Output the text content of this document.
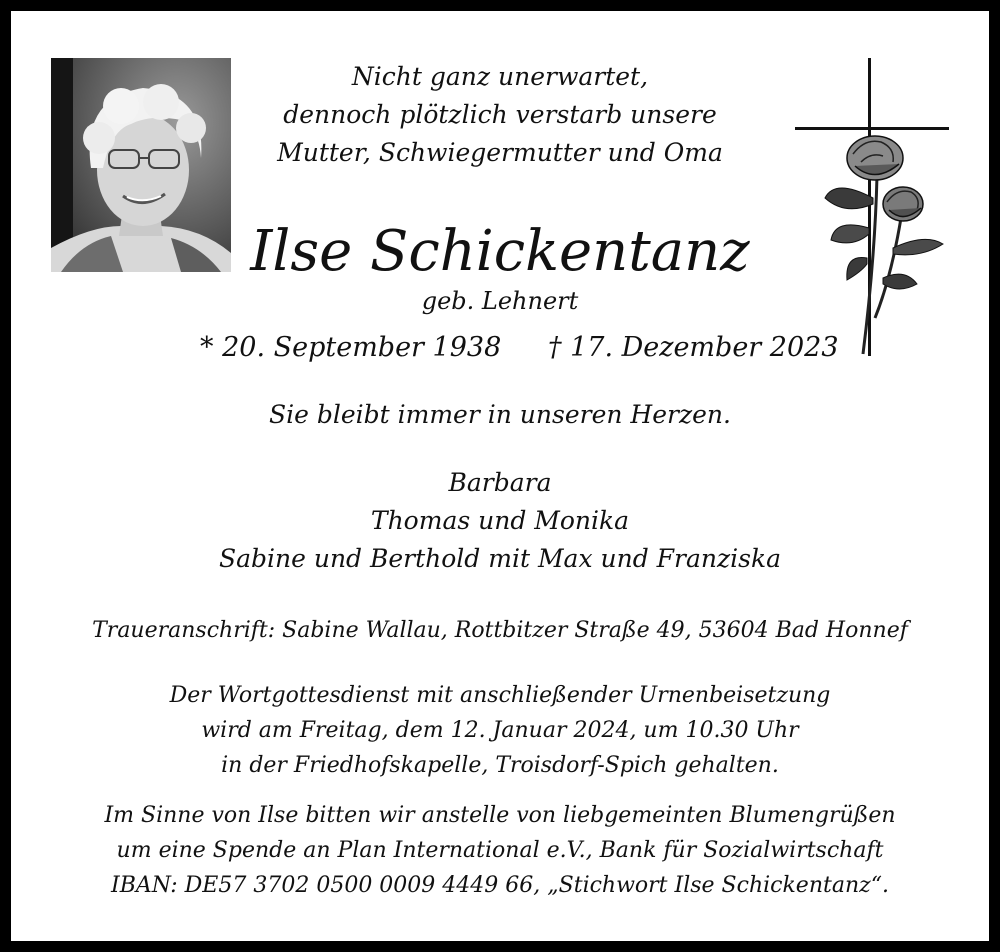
Nicht ganz unerwartet,
dennoch plötzlich verstarb unsere
Mutter, Schwiegermutter und Oma
Ilse Schickentanz
geb. Lehnert
* 20. September 1938 † 17. Dezember 2023
Sie bleibt immer in unseren Herzen.
Barbara
Thomas und Monika
Sabine und Berthold mit Max und Franziska
Traueranschrift: Sabine Wallau, Rottbitzer Straße 49, 53604 Bad Honnef
Der Wortgottesdienst mit anschließender Urnenbeisetzung
wird am Freitag, dem 12. Januar 2024, um 10.30 Uhr
in der Friedhofskapelle, Troisdorf-Spich gehalten.
Im Sinne von Ilse bitten wir anstelle von liebgemeinten Blumengrüßen
um eine Spende an Plan International e.V., Bank für Sozialwirtschaft
IBAN: DE57 3702 0500 0009 4449 66, „Stichwort Ilse Schickentanz“.
